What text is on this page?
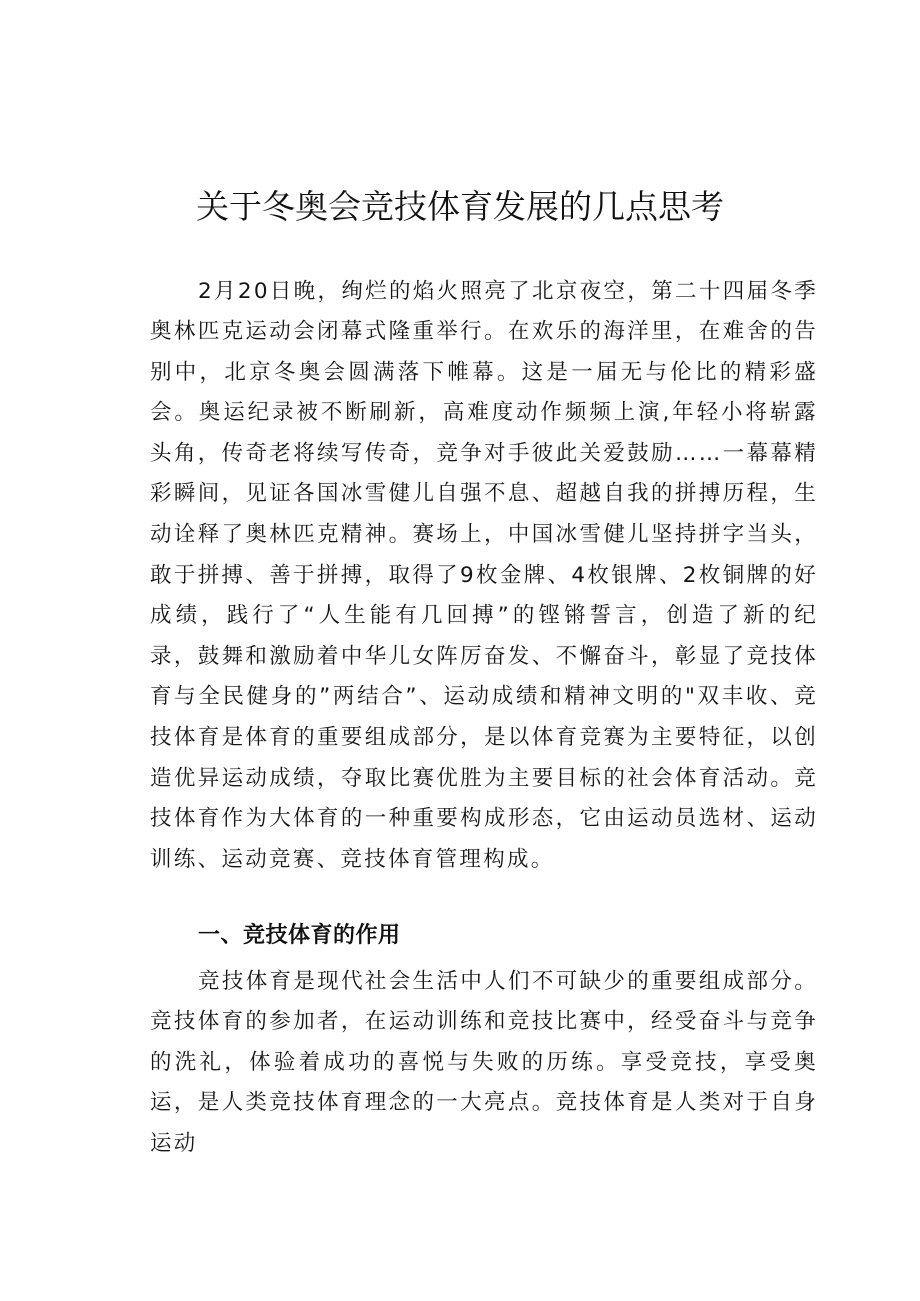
关于冬奥会竞技体育发展的几点思考

2月20日晚，绚烂的焰火照亮了北京夜空，第二十四届冬季奥林匹克运动会闭幕式隆重举行。在欢乐的海洋里，在难舍的告别中，北京冬奥会圆满落下帷幕。这是一届无与伦比的精彩盛会。奥运纪录被不断刷新，高难度动作频频上演,年轻小将崭露头角，传奇老将续写传奇，竞争对手彼此关爱鼓励……一幕幕精彩瞬间，见证各国冰雪健儿自强不息、超越自我的拼搏历程，生动诠释了奥林匹克精神。赛场上，中国冰雪健儿坚持拼字当头，敢于拼搏、善于拼搏，取得了9枚金牌、4枚银牌、2枚铜牌的好成绩，践行了“人生能有几回搏”的铿锵誓言，创造了新的纪录，鼓舞和激励着中华儿女阵厉奋发、不懈奋斗，彰显了竞技体育与全民健身的”两结合”、运动成绩和精神文明的"双丰收、竞技体育是体育的重要组成部分，是以体育竞赛为主要特征，以创造优异运动成绩，夺取比赛优胜为主要目标的社会体育活动。竞技体育作为大体育的一种重要构成形态，它由运动员选材、运动训练、运动竞赛、竞技体育管理构成。

一、竞技体育的作用

竞技体育是现代社会生活中人们不可缺少的重要组成部分。竞技体育的参加者，在运动训练和竞技比赛中，经受奋斗与竞争的洗礼，体验着成功的喜悦与失败的历练。享受竞技，享受奥运，是人类竞技体育理念的一大亮点。竞技体育是人类对于自身运动
